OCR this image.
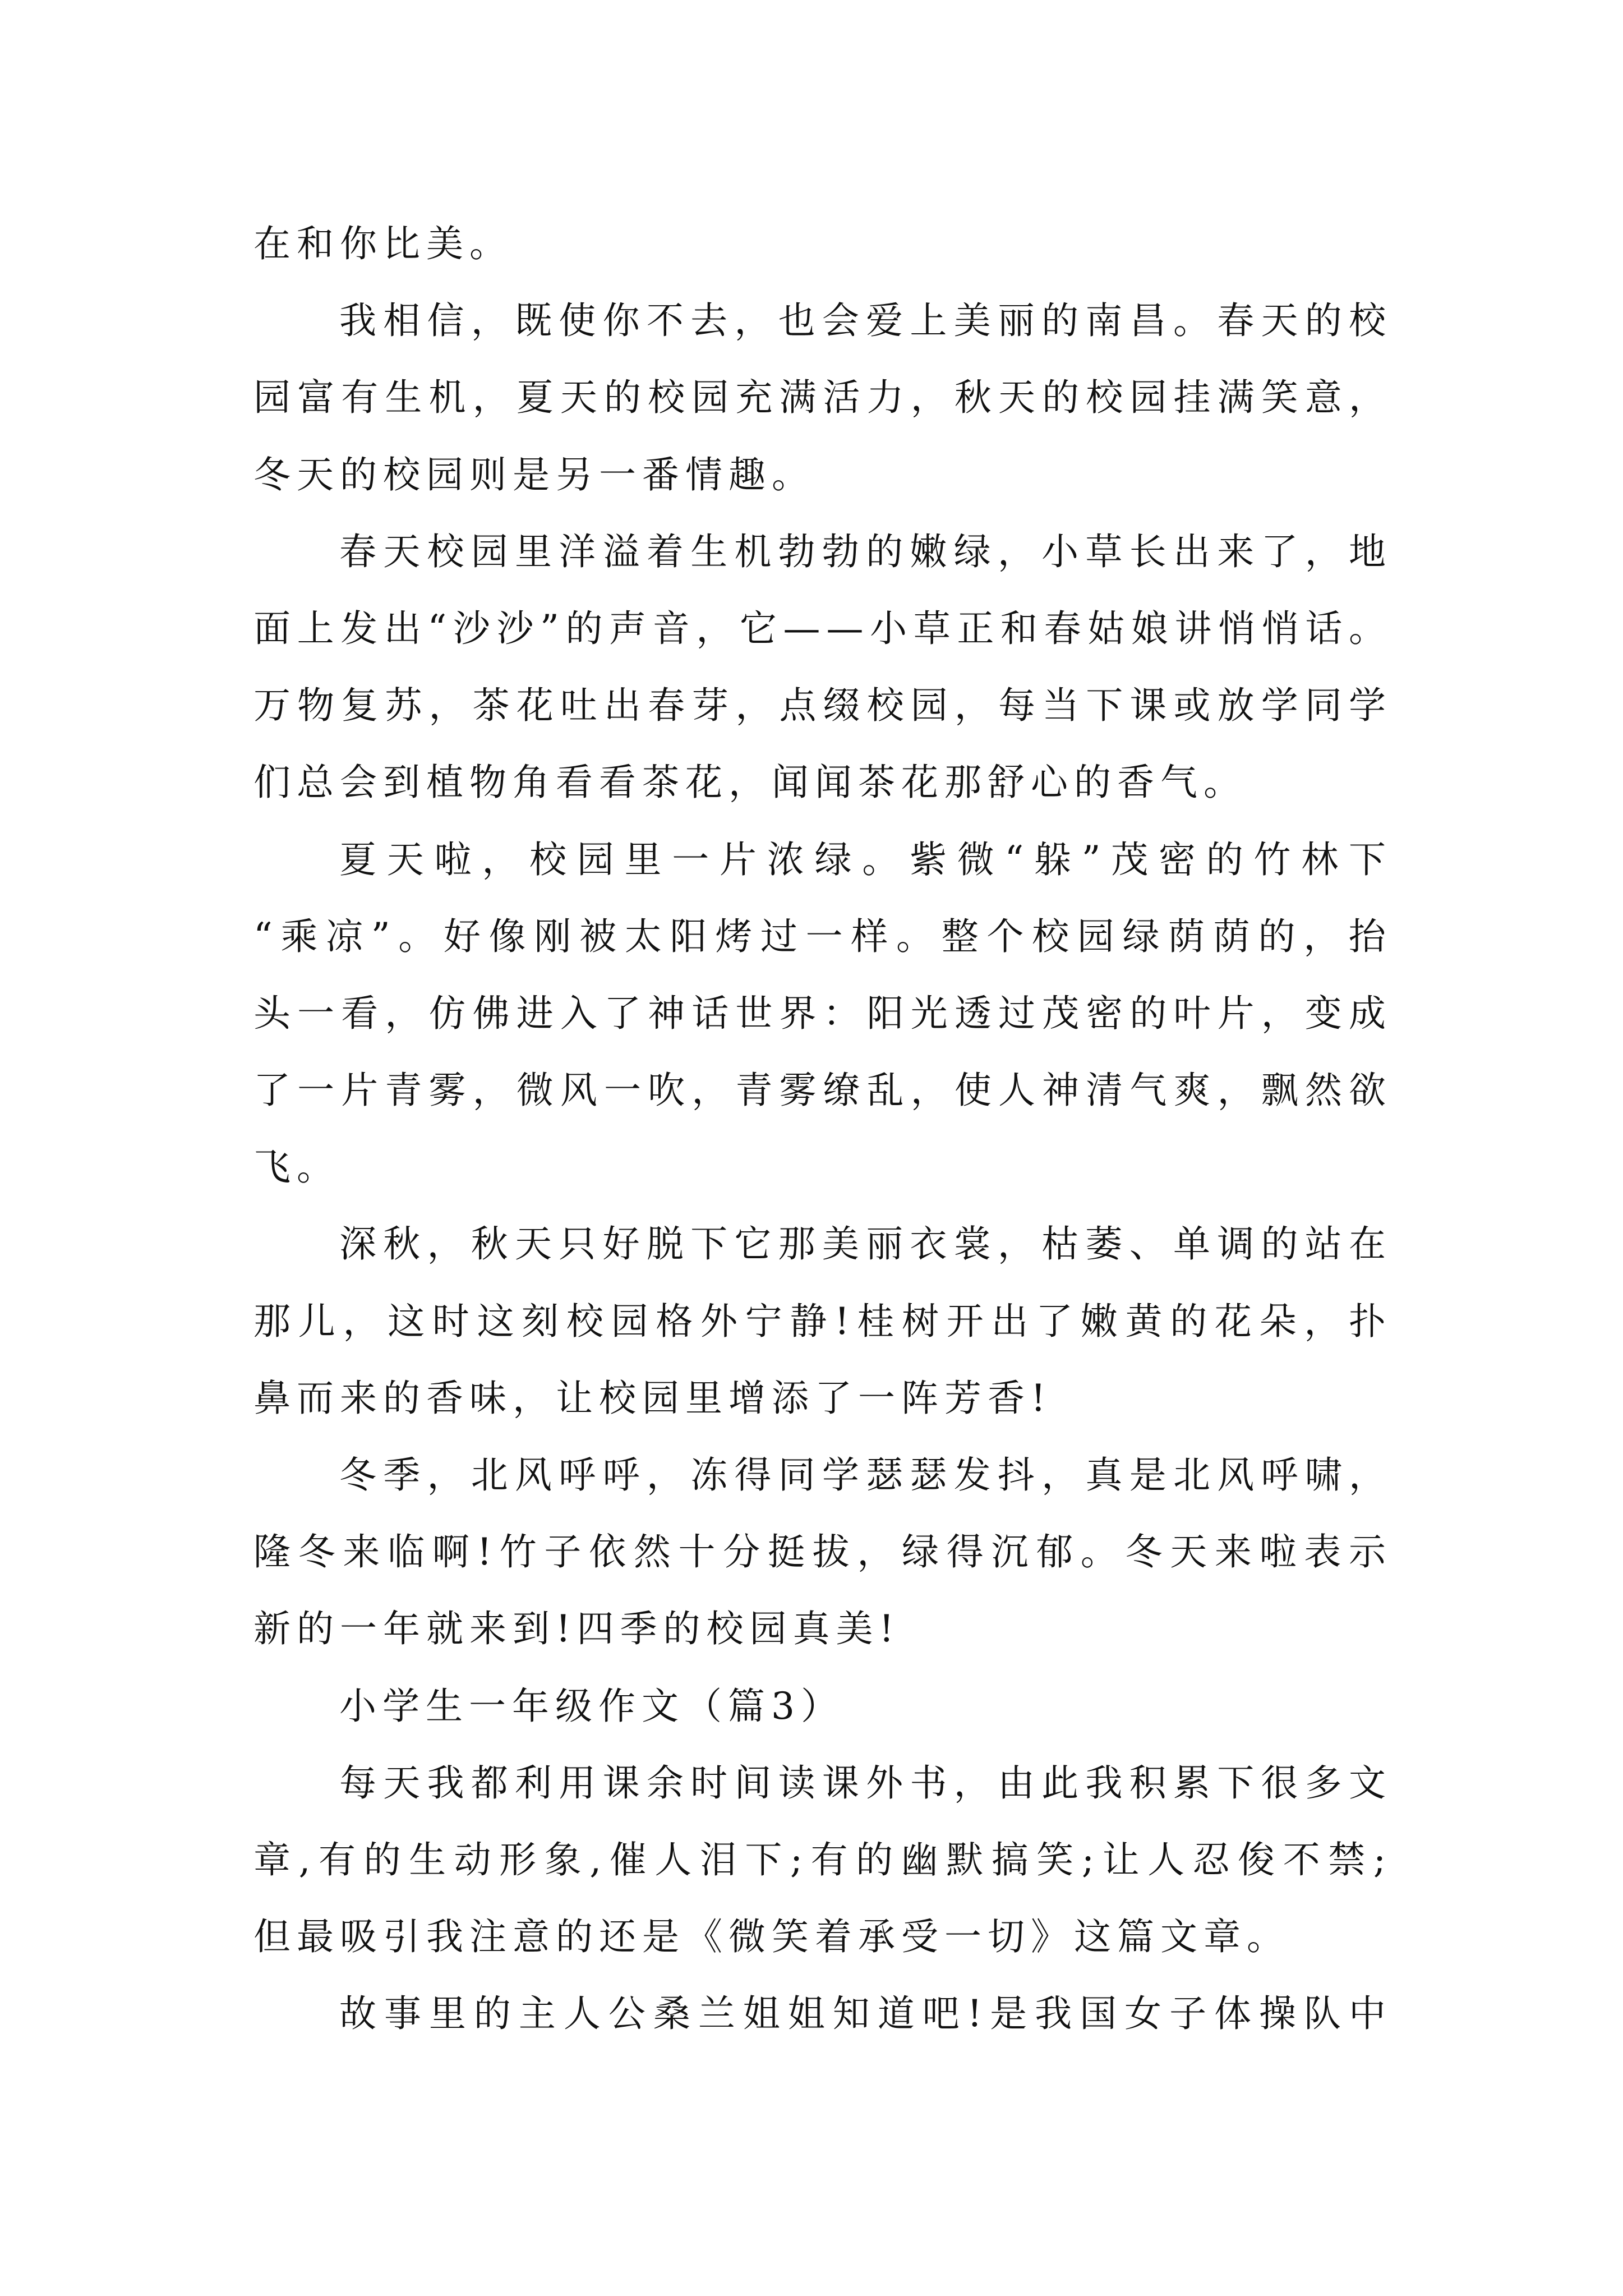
在和你比美。
我相信，既使你不去，也会爱上美丽的南昌。春天的校
园富有生机，夏天的校园充满活力，秋天的校园挂满笑意，
冬天的校园则是另一番情趣。
春天校园里洋溢着生机勃勃的嫩绿，小草长出来了，地
面上发出“沙沙”的声音，它——小草正和春姑娘讲悄悄话。
万物复苏，茶花吐出春芽，点缀校园，每当下课或放学同学
们总会到植物角看看茶花，闻闻茶花那舒心的香气。
夏天啦，校园里一片浓绿。紫微“躲”茂密的竹林下
“乘凉”。好像刚被太阳烤过一样。整个校园绿荫荫的，抬
头一看，仿佛进入了神话世界：阳光透过茂密的叶片，变成
了一片青雾，微风一吹，青雾缭乱，使人神清气爽，飘然欲
飞。
深秋，秋天只好脱下它那美丽衣裳，枯萎、单调的站在
那儿，这时这刻校园格外宁静!桂树开出了嫩黄的花朵，扑
鼻而来的香味，让校园里增添了一阵芳香!
冬季，北风呼呼，冻得同学瑟瑟发抖，真是北风呼啸，
隆冬来临啊!竹子依然十分挺拔，绿得沉郁。冬天来啦表示
新的一年就来到!四季的校园真美!
小学生一年级作文（篇3）
每天我都利用课余时间读课外书，由此我积累下很多文
章,有的生动形象,催人泪下;有的幽默搞笑;让人忍俊不禁;
但最吸引我注意的还是《微笑着承受一切》这篇文章。
故事里的主人公桑兰姐姐知道吧!是我国女子体操队中
